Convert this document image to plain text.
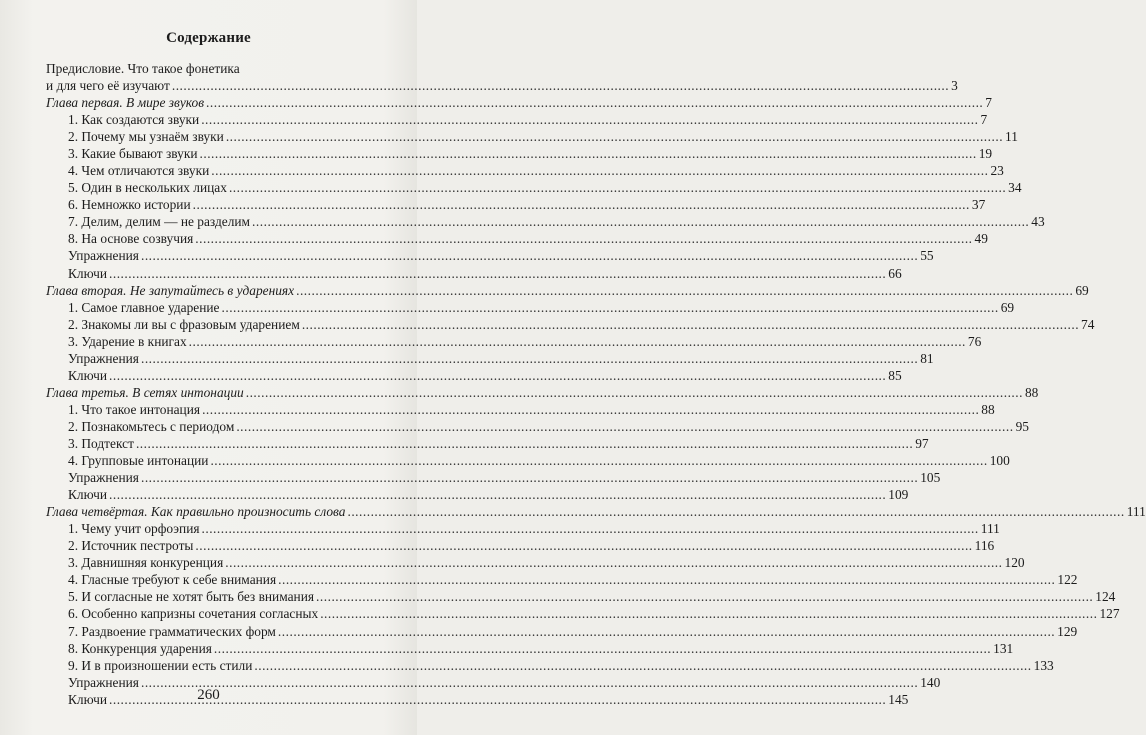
Содержание
Предисловие. Что такое фонетика
и для чего её изучают .....	3
Глава первая. В мире звуков .....	7
1. Как создаются звуки .....	7
2. Почему мы узнаём звуки .....	11
3. Какие бывают звуки .....	19
4. Чем отличаются звуки .....	23
5. Один в нескольких лицах .....	34
6. Немножко истории .....	37
7. Делим, делим — не разделим .....	43
8. На основе созвучия .....	49
Упражнения .....	55
Ключи .....	66
Глава вторая. Не запутайтесь в ударениях .....	69
1. Самое главное ударение .....	69
2. Знакомы ли вы с фразовым ударением .....	74
3. Ударение в книгах .....	76
Упражнения .....	81
Ключи .....	85
Глава третья. В сетях интонации .....	88
1. Что такое интонация .....	88
2. Познакомьтесь с периодом .....	95
3. Подтекст .....	97
4. Групповые интонации .....	100
Упражнения .....	105
Ключи .....	109
Глава четвёртая. Как правильно произносить слова .....	111
1. Чему учит орфоэпия .....	111
2. Источник пестроты .....	116
3. Давнишняя конкуренция .....	120
4. Гласные требуют к себе внимания .....	122
5. И согласные не хотят быть без внимания .....	124
6. Особенно капризны сочетания согласных .....	127
7. Раздвоение грамматических форм .....	129
8. Конкуренция ударения .....	131
9. И в произношении есть стили .....	133
Упражнения .....	140
Ключи .....	145
260
